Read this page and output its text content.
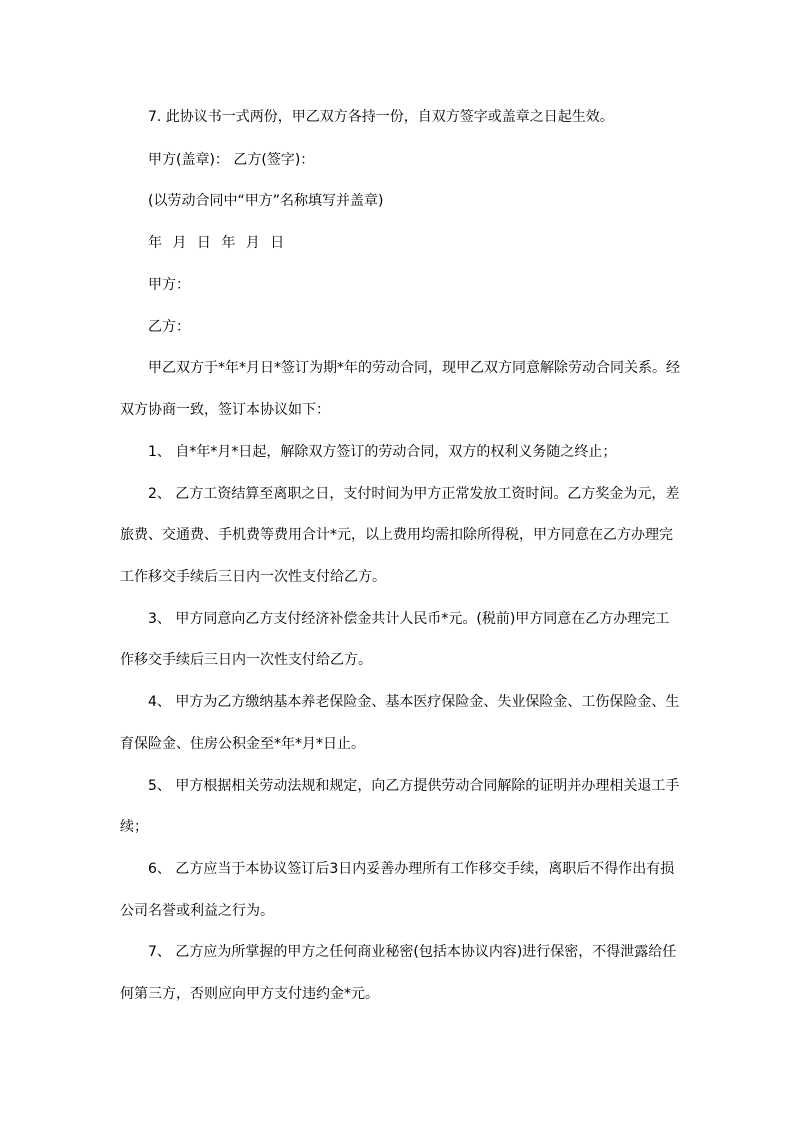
7. 此协议书一式两份，甲乙双方各持一份，自双方签字或盖章之日起生效。
甲方(盖章)： 乙方(签字)：
(以劳动合同中“甲方”名称填写并盖章)
年 月 日 年 月 日
甲方：
乙方：
甲乙双方于*年*月日*签订为期*年的劳动合同，现甲乙双方同意解除劳动合同关系。经
双方协商一致，签订本协议如下：
1、 自*年*月*日起，解除双方签订的劳动合同，双方的权利义务随之终止；
2、 乙方工资结算至离职之日，支付时间为甲方正常发放工资时间。乙方奖金为元，差
旅费、交通费、手机费等费用合计*元，以上费用均需扣除所得税，甲方同意在乙方办理完
工作移交手续后三日内一次性支付给乙方。
3、 甲方同意向乙方支付经济补偿金共计人民币*元。(税前)甲方同意在乙方办理完工
作移交手续后三日内一次性支付给乙方。
4、 甲方为乙方缴纳基本养老保险金、基本医疗保险金、失业保险金、工伤保险金、生
育保险金、住房公积金至*年*月*日止。
5、 甲方根据相关劳动法规和规定，向乙方提供劳动合同解除的证明并办理相关退工手
续；
6、 乙方应当于本协议签订后3日内妥善办理所有工作移交手续，离职后不得作出有损
公司名誉或利益之行为。
7、 乙方应为所掌握的甲方之任何商业秘密(包括本协议内容)进行保密，不得泄露给任
何第三方，否则应向甲方支付违约金*元。
